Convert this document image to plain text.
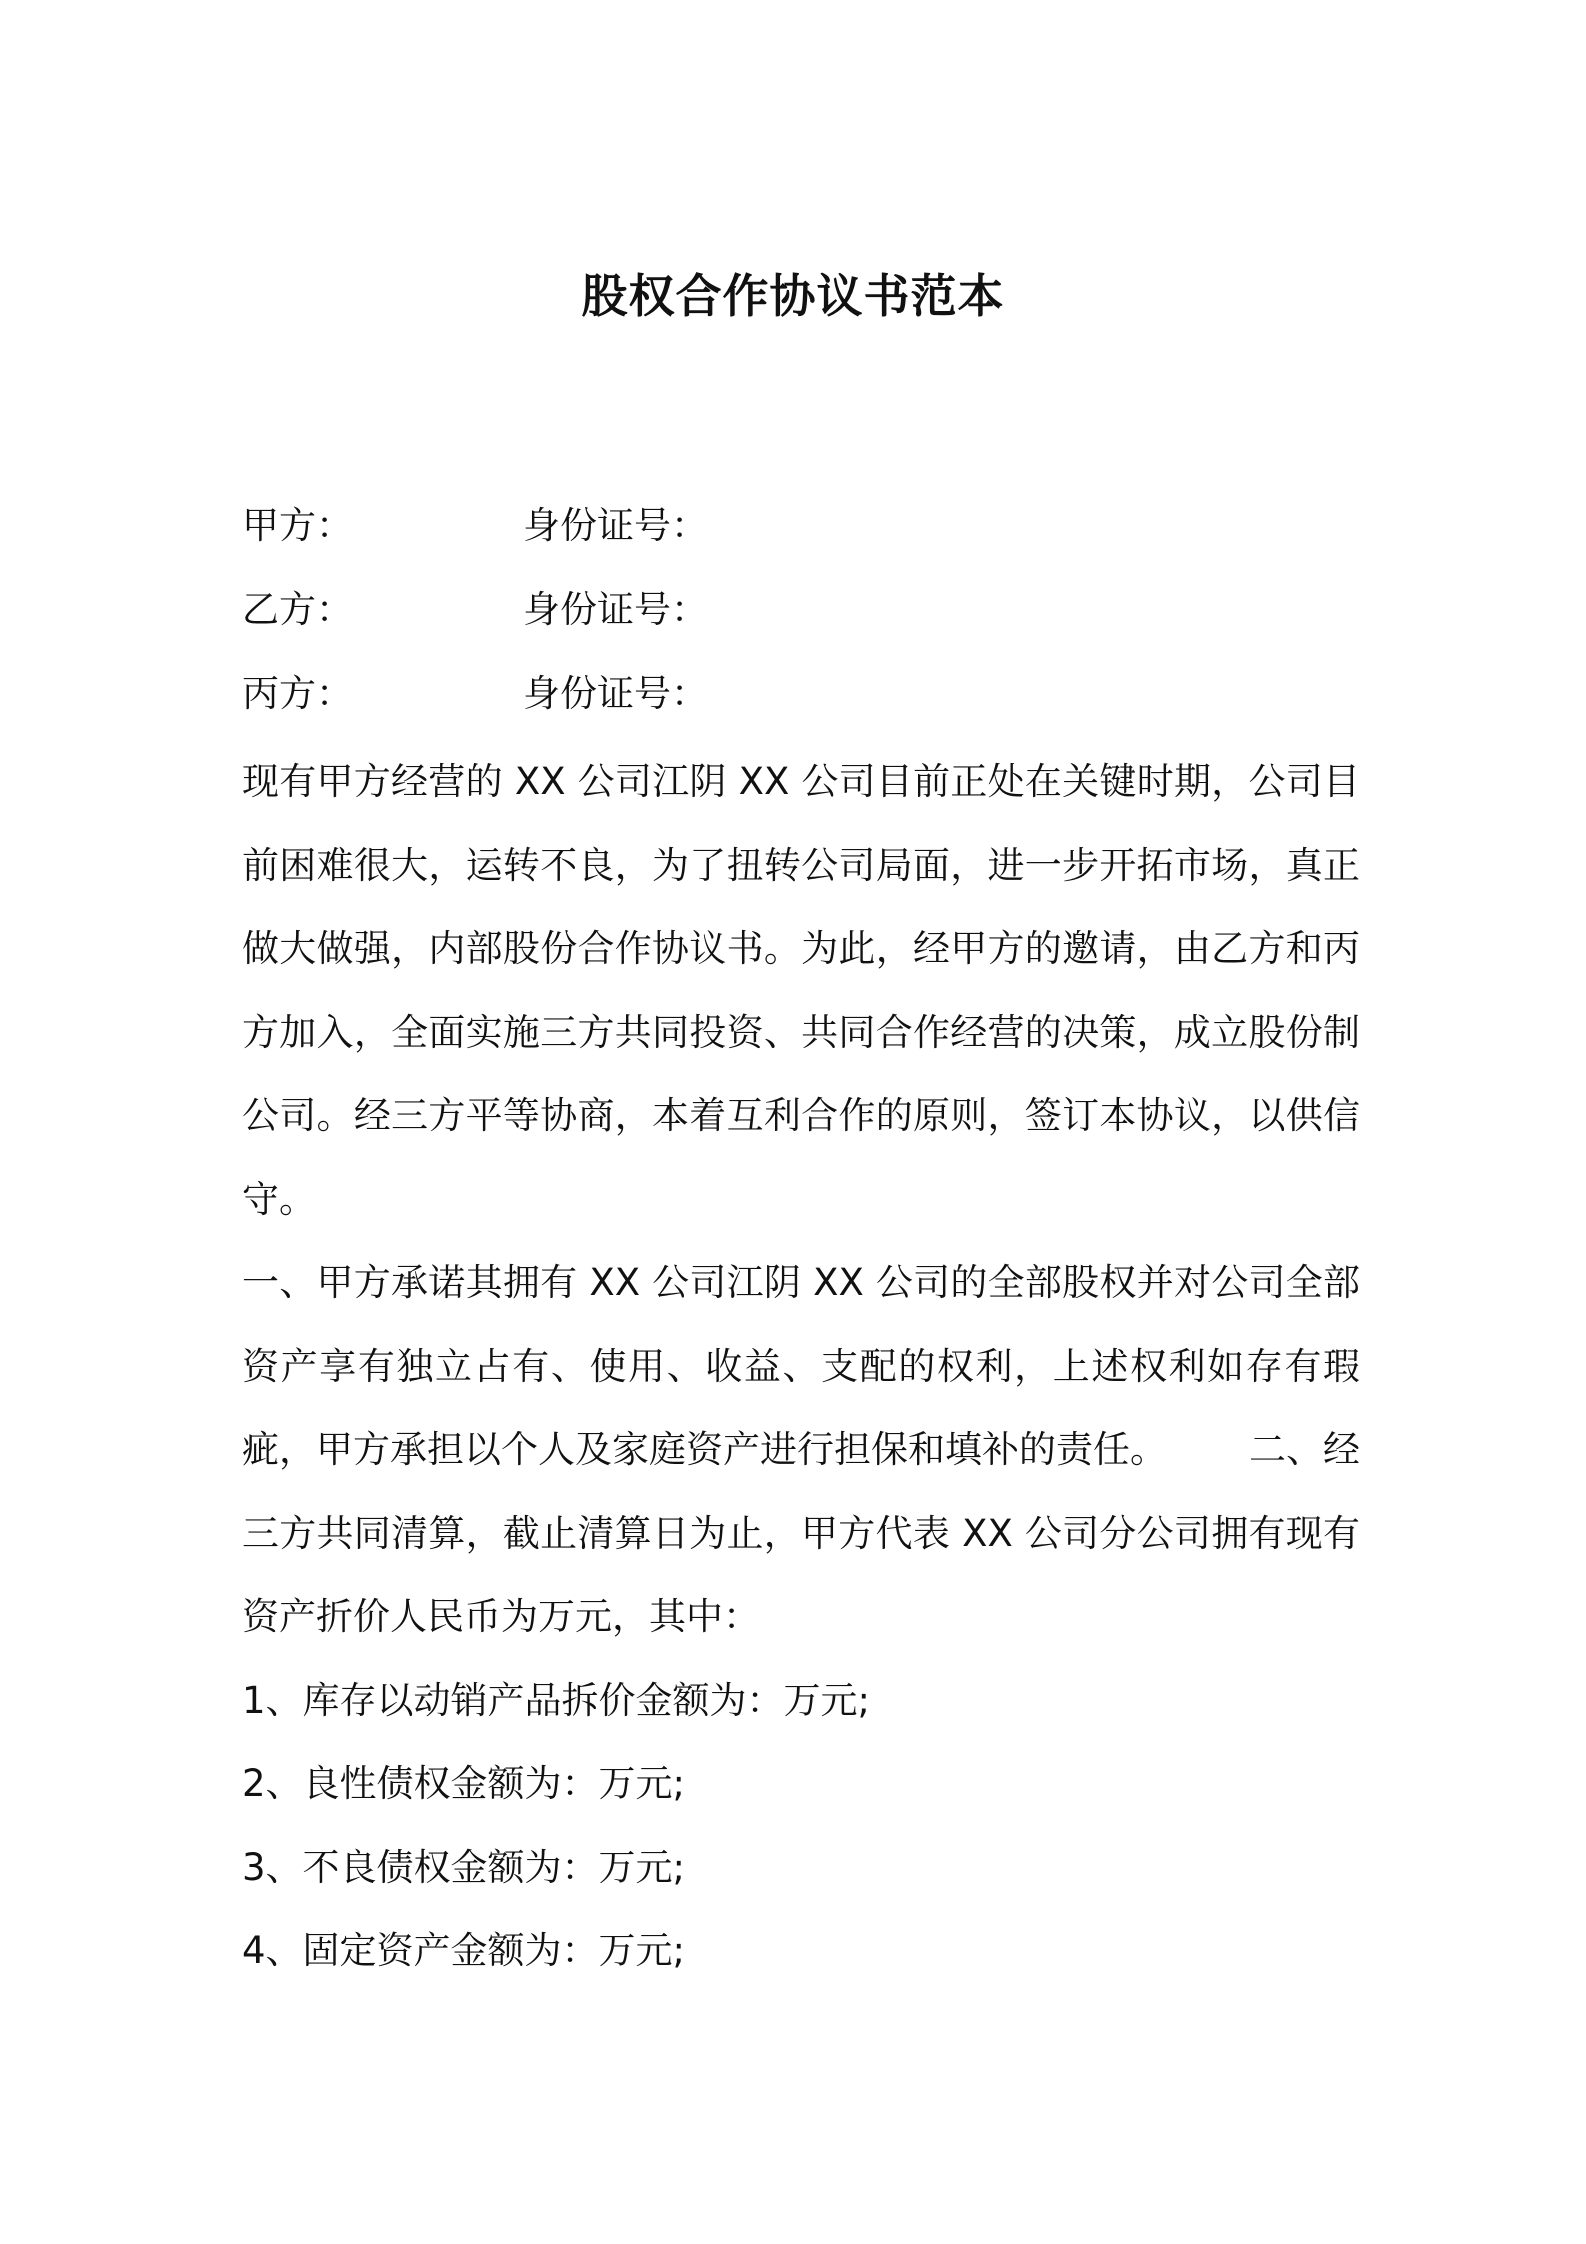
股权合作协议书范本
甲方：	身份证号：
乙方：	身份证号：
丙方：	身份证号：

现有甲方经营的 XX 公司江阴 XX 公司目前正处在关键时期，公司目前困难很大，运转不良，为了扭转公司局面，进一步开拓市场，真正做大做强，内部股份合作协议书。为此，经甲方的邀请，由乙方和丙方加入，全面实施三方共同投资、共同合作经营的决策，成立股份制公司。经三方平等协商，本着互利合作的原则，签订本协议，以供信守。

一、甲方承诺其拥有 XX 公司江阴 XX 公司的全部股权并对公司全部资产享有独立占有、使用、收益、支配的权利，上述权利如存有瑕疵，甲方承担以个人及家庭资产进行担保和填补的责任。 二、经三方共同清算，截止清算日为止，甲方代表 XX 公司分公司拥有现有资产折价人民币为万元，其中：

1、库存以动销产品拆价金额为：万元;

2、良性债权金额为：万元;

3、不良债权金额为：万元;

4、固定资产金额为：万元;
